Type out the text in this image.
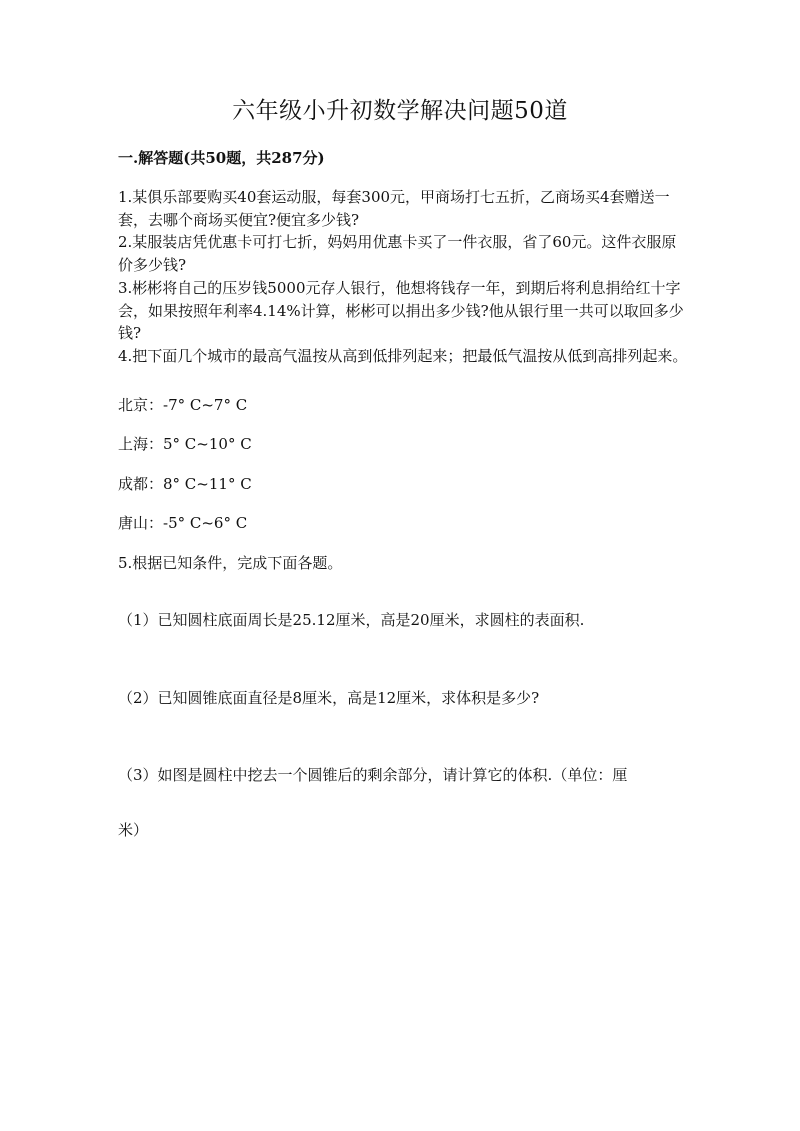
六年级小升初数学解决问题50道
一.解答题(共50题，共287分)

1.某俱乐部要购买40套运动服，每套300元，甲商场打七五折，乙商场买4套赠送一套，去哪个商场买便宜?便宜多少钱?

2.某服装店凭优惠卡可打七折，妈妈用优惠卡买了一件衣服，省了60元。这件衣服原价多少钱?

3.彬彬将自己的压岁钱5000元存人银行，他想将钱存一年，到期后将利息捐给红十字会，如果按照年利率4.14%计算，彬彬可以捐出多少钱?他从银行里一共可以取回多少钱?

4.把下面几个城市的最高气温按从高到低排列起来；把最低气温按从低到高排列起来。

北京：-7° C~7° C
上海：5° C~10° C
成都：8° C~11° C
唐山：-5° C~6° C
5.根据已知条件，完成下面各题。
（1）已知圆柱底面周长是25.12厘米，高是20厘米，求圆柱的表面积.
（2）已知圆锥底面直径是8厘米，高是12厘米，求体积是多少?
（3）如图是圆柱中挖去一个圆锥后的剩余部分，请计算它的体积.（单位：厘
米）
